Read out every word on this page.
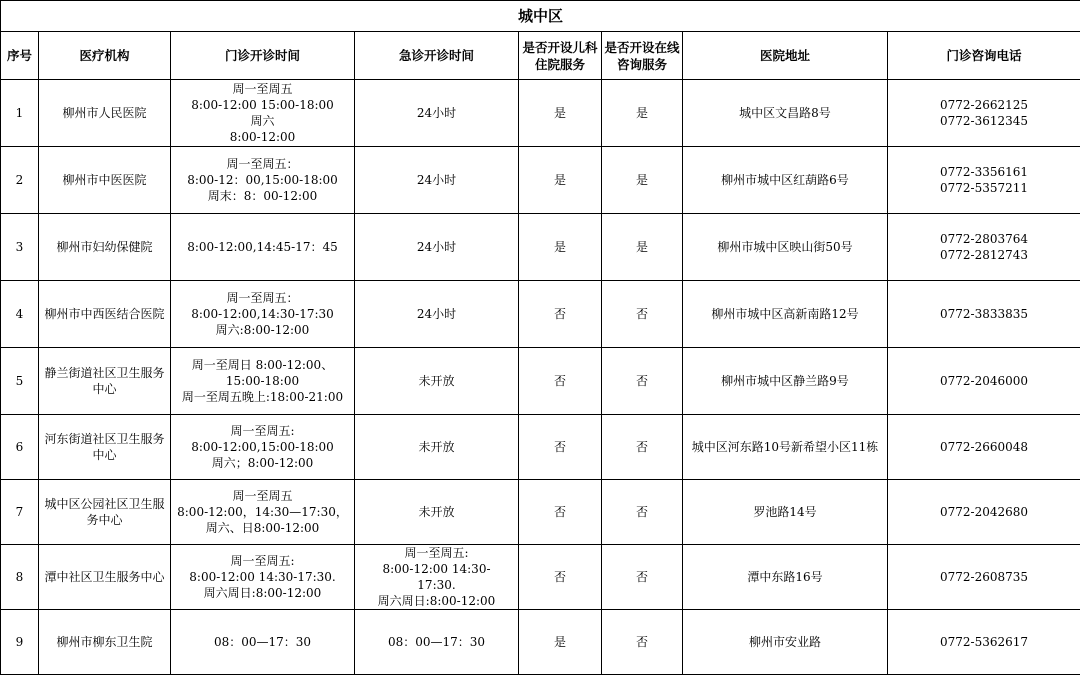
城中区							
序号	医疗机构	门诊开诊时间	急诊开诊时间	是否开设儿科住院服务	是否开设在线咨询服务	医院地址	门诊咨询电话
1	柳州市人民医院	周一至周五
8:00-12:00 15:00-18:00
周六
8:00-12:00	24小时	是	是	城中区文昌路8号	0772-2662125
0772-3612345
2	柳州市中医医院	周一至周五：
8:00-12：00,15:00-18:00
周末：8：00-12:00	24小时	是	是	柳州市城中区红葫路6号	0772-3356161
0772-5357211
3	柳州市妇幼保健院	8:00-12:00,14:45-17：45	24小时	是	是	柳州市城中区映山街50号	0772-2803764
0772-2812743
4	柳州市中西医结合医院	周一至周五：
8:00-12:00,14:30-17:30
周六:8:00-12:00	24小时	否	否	柳州市城中区高新南路12号	0772-3833835
5	静兰街道社区卫生服务中心	周一至周日 8:00-12:00、
15:00-18:00
周一至周五晚上:18:00-21:00	未开放	否	否	柳州市城中区静兰路9号	0772-2046000
6	河东街道社区卫生服务中心	周一至周五:
8:00-12:00,15:00-18:00
周六；8:00-12:00	未开放	否	否	城中区河东路10号新希望小区11栋	0772-2660048
7	城中区公园社区卫生服务中心	周一至周五
8:00-12:00，14:30—17:30，
周六、日8:00-12:00	未开放	否	否	罗池路14号	0772-2042680
8	潭中社区卫生服务中心	周一至周五:
8:00-12:00 14:30-17:30.
周六周日:8:00-12:00	周一至周五:
8:00-12:00 14:30-
17:30.
周六周日:8:00-12:00	否	否	潭中东路16号	0772-2608735
9	柳州市柳东卫生院	08：00—17：30	08：00—17：30	是	否	柳州市安业路	0772-5362617
